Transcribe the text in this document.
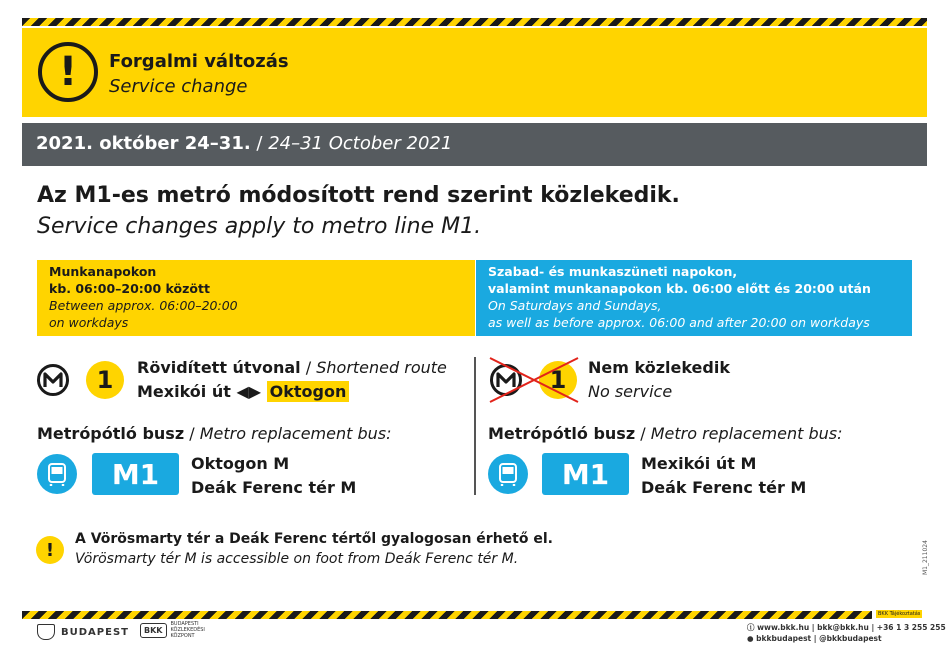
!	Forgalmi változás
Service change
2021. október 24–31. / 24–31 October 2021
Az M1-es metró módosított rend szerint közlekedik.
Service changes apply to metro line M1.
Munkanapokon
kb. 06:00–20:00 között
Between approx. 06:00–20:00
on workdays
Szabad- és munkaszüneti napokon,
valamint munkanapokon kb. 06:00 előtt és 20:00 után
On Saturdays and Sundays,
as well as before approx. 06:00 and after 20:00 on workdays
1	Rövidített útvonal / Shortened route
Mexikói út ◀▶ Oktogon
Metrópótló busz / Metro replacement bus:
M1	Oktogon M
Deák Ferenc tér M
1	Nem közlekedik
No service
Metrópótló busz / Metro replacement bus:
M1	Mexikói út M
Deák Ferenc tér M
!
A Vörösmarty tér a Deák Ferenc tértől gyalogosan érhető el.
Vörösmarty tér M is accessible on foot from Deák Ferenc tér M.	M1_211024
BKK Tájékoztatás
BUDAPEST	BKK
BUDAPESTI KÖZLEKEDÉSI KÖZPONT
ⓘ www.bkk.hu | bkk@bkk.hu | +36 1 3 255 255
● bkkbudapest | @bkkbudapest
